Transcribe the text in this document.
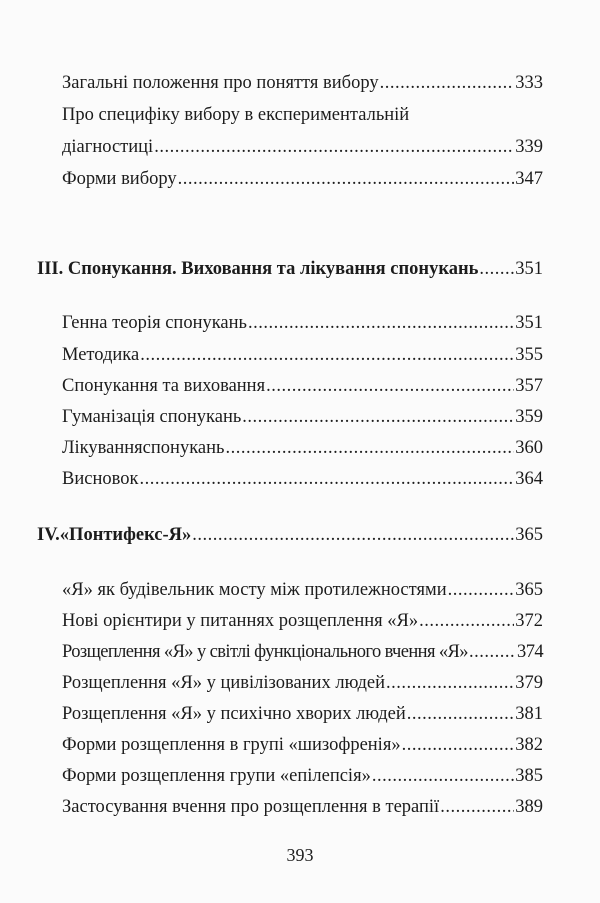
Загальні положення про поняття вибору .....	333
Про специфіку вибору в експериментальній
діагностиці .....	339
Форми вибору .....	347
III. Спонукання. Виховання та лікування спонукань ..... 351
Генна теорія спонукань .....	351
Методика .....	355
Спонукання та виховання .....	357
Гуманізація спонукань .....	359
Лікуванняспонукань .....	360
Висновок .....	364
IV.«Понтифекс-Я» .....	365
«Я» як будівельник мосту між протилежностями .....	365
Нові орієнтири у питаннях розщеплення «Я» .....	372
Розщеплення «Я» у світлі функціонального вчення «Я» .....	374
Розщеплення «Я» у цивілізованих людей .....	379
Розщеплення «Я» у психічно хворих людей .....	381
Форми розщеплення в групі «шизофренія» .....	382
Форми розщеплення групи «епілепсія» .....	385
Застосування вчення про розщеплення в терапії .....	389
393
